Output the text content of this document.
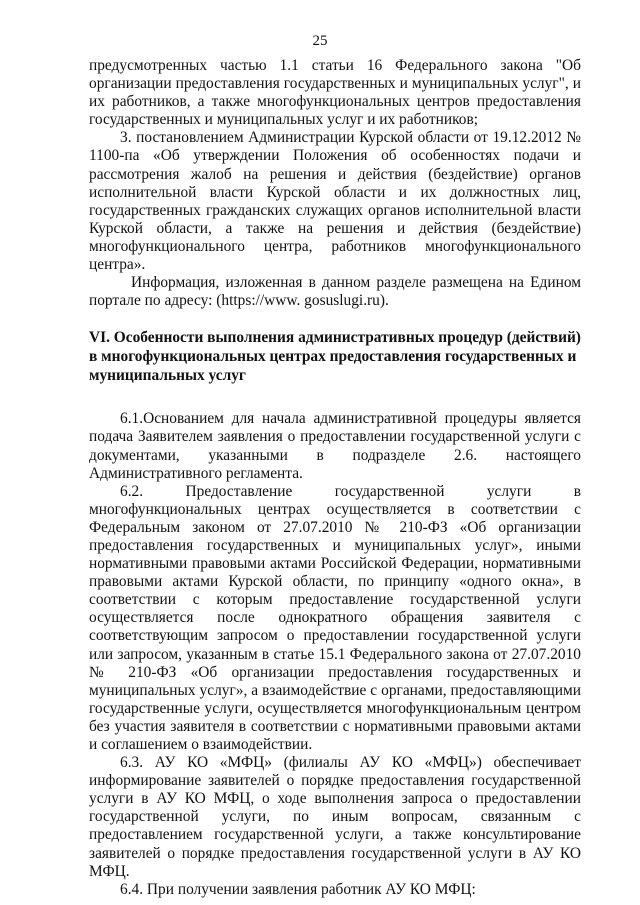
25

предусмотренных частью 1.1 статьи 16 Федерального закона "Об организации предоставления государственных и муниципальных услуг", и их работников, а также многофункциональных центров предоставления государственных и муниципальных услуг и их работников;

3. постановлением Администрации Курской области от 19.12.2012 № 1100-па «Об утверждении Положения об особенностях подачи и рассмотрения жалоб на решения и действия (бездействие) органов исполнительной власти Курской области и их должностных лиц, государственных гражданских служащих органов исполнительной власти Курской области, а также на решения и действия (бездействие) многофункционального центра, работников многофункционального центра».

Информация, изложенная в данном разделе размещена на Едином портале по адресу: (https://www. gosuslugi.ru).

VI. Особенности выполнения административных процедур (действий) в многофункциональных центрах предоставления государственных и муниципальных услуг

6.1.Основанием для начала административной процедуры является подача Заявителем заявления о предоставлении государственной услуги с документами, указанными в подразделе 2.6. настоящего Административного регламента.

6.2. Предоставление государственной услуги в многофункциональных центрах осуществляется в соответствии с Федеральным законом от 27.07.2010 № 210-ФЗ «Об организации предоставления государственных и муниципальных услуг», иными нормативными правовыми актами Российской Федерации, нормативными правовыми актами Курской области, по принципу «одного окна», в соответствии с которым предоставление государственной услуги осуществляется после однократного обращения заявителя с соответствующим запросом о предоставлении государственной услуги или запросом, указанным в статье 15.1 Федерального закона от 27.07.2010 № 210-ФЗ «Об организации предоставления государственных и муниципальных услуг», а взаимодействие с органами, предоставляющими государственные услуги, осуществляется многофункциональным центром без участия заявителя в соответствии с нормативными правовыми актами и соглашением о взаимодействии.

6.3. АУ КО «МФЦ» (филиалы АУ КО «МФЦ») обеспечивает информирование заявителей о порядке предоставления государственной услуги в АУ КО МФЦ, о ходе выполнения запроса о предоставлении государственной услуги, по иным вопросам, связанным с предоставлением государственной услуги, а также консультирование заявителей о порядке предоставления государственной услуги в АУ КО МФЦ.

6.4. При получении заявления работник АУ КО МФЦ:
